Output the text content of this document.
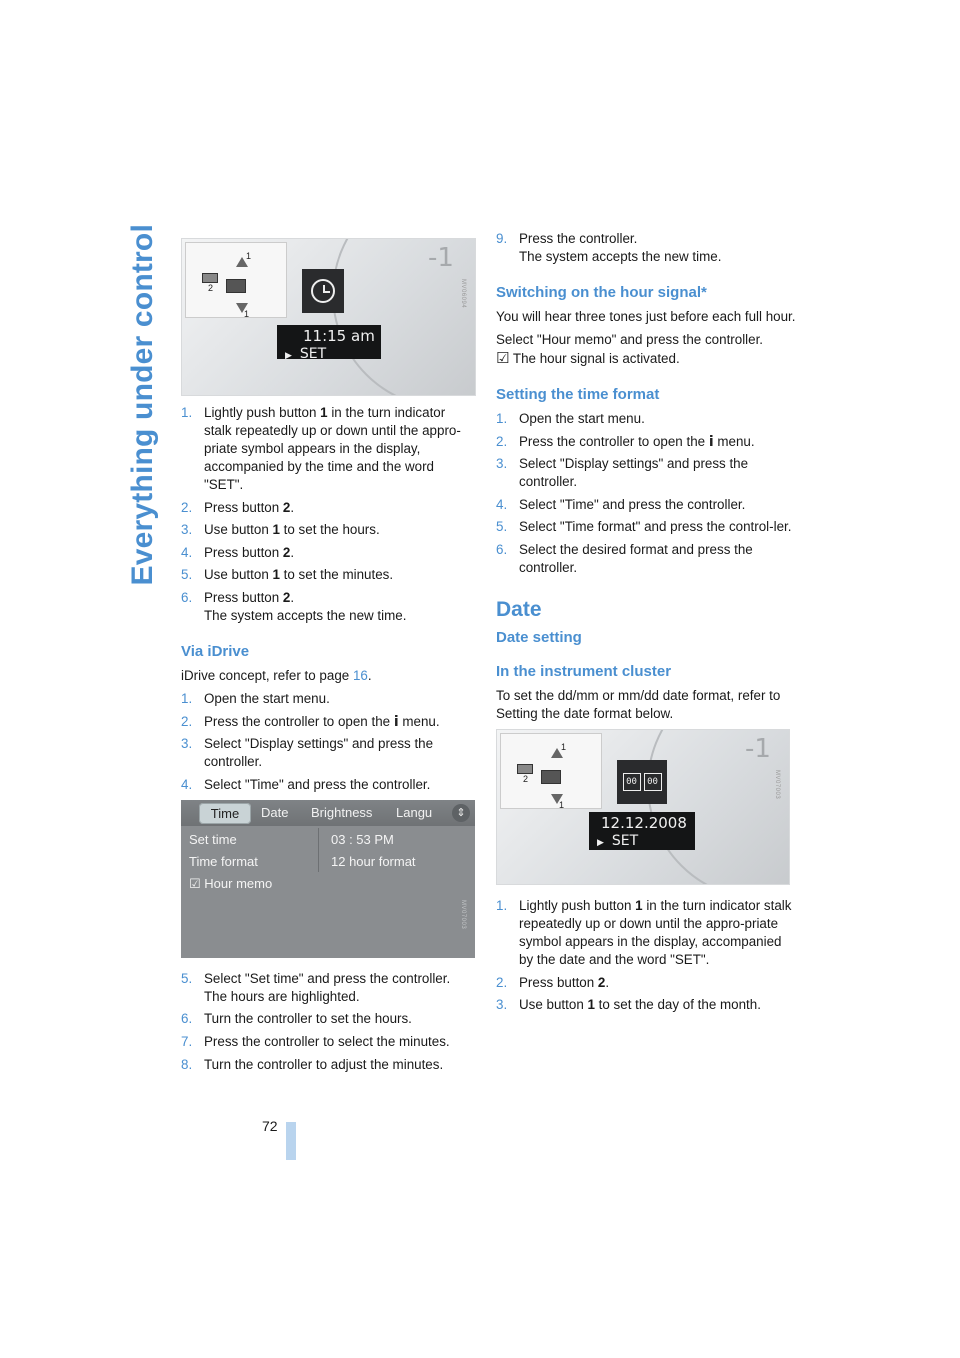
Everything under control
72
-1
1
2
1
11:15 am
▶ SET
MV06094
1. Lightly push button 1 in the turn indicator stalk repeatedly up or down until the appro-priate symbol appears in the display, accompanied by the time and the word "SET".
2. Press button 2.
3. Use button 1 to set the hours.
4. Press button 2.
5. Use button 1 to set the minutes.
6. Press button 2.
The system accepts the new time.
Via iDrive
iDrive concept, refer to page 16.
1. Open the start menu.
2. Press the controller to open the i menu.
3. Select "Display settings" and press the controller.
4. Select "Time" and press the controller.
Time	Date Brightness Langu	⇕
Set time	03 : 53 PM
Time format	12 hour format
☑ Hour memo
MV07003
5. Select "Set time" and press the controller.
The hours are highlighted.
6. Turn the controller to set the hours.
7. Press the controller to select the minutes.
8. Turn the controller to adjust the minutes.
9. Press the controller.
The system accepts the new time.
Switching on the hour signal*
You will hear three tones just before each full hour.
Select "Hour memo" and press the controller.
☑ The hour signal is activated.
Setting the time format
1. Open the start menu.
2. Press the controller to open the i menu.
3. Select "Display settings" and press the controller.
4. Select "Time" and press the controller.
5. Select "Time format" and press the control-ler.
6. Select the desired format and press the controller.
Date
Date setting
In the instrument cluster
To set the dd/mm or mm/dd date format, refer to Setting the date format below.
-1
1
2
1
00	00
12.12.2008
▶ SET
MV07003
1. Lightly push button 1 in the turn indicator stalk repeatedly up or down until the appro-priate symbol appears in the display, accompanied by the date and the word "SET".
2. Press button 2.
3. Use button 1 to set the day of the month.
